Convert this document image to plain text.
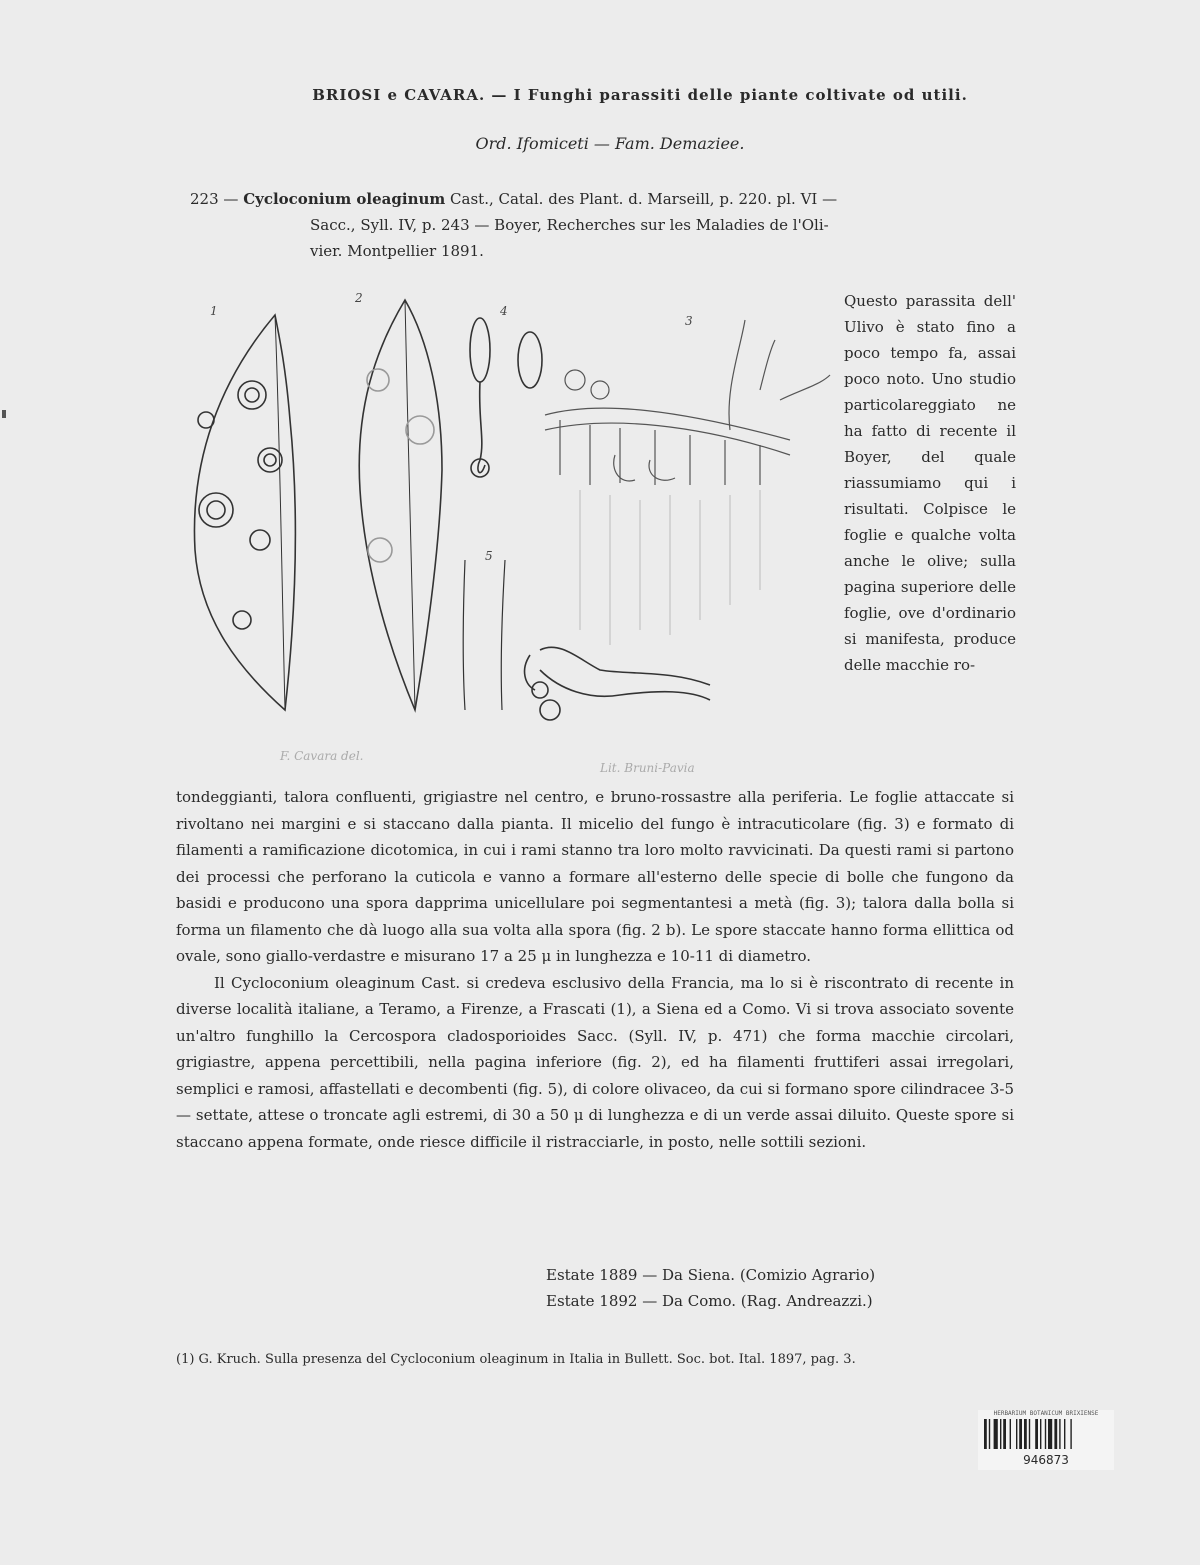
BRIOSI e CAVARA. — I Funghi parassiti delle piante coltivate od utili.
Ord. Ifomiceti — Fam. Demaziee.
223 — Cycloconium oleaginum Cast., Catal. des Plant. d. Marseill, p. 220. pl. VI —
Sacc., Syll. IV, p. 243 — Boyer, Recherches sur les Maladies de l'Oli-
vier. Montpellier 1891.
1
2
4
3
5
F. Cavara del.
Lit. Bruni-Pavia

Questo parassita dell' Ulivo è stato fino a poco tempo fa, assai poco noto. Uno studio particolareggiato ne ha fatto di recente il Boyer, del quale riassumiamo qui i risultati. Colpisce le foglie e qualche volta anche le olive; sulla pagina superiore delle foglie, ove d'ordinario si manifesta, produce delle macchie ro-

tondeggianti, talora confluenti, grigiastre nel centro, e bruno-rossastre alla periferia. Le foglie attaccate si rivoltano nei margini e si staccano dalla pianta. Il micelio del fungo è intracuticolare (fig. 3) e formato di filamenti a ramificazione dicotomica, in cui i rami stanno tra loro molto ravvicinati. Da questi rami si partono dei processi che perforano la cuticola e vanno a formare all'esterno delle specie di bolle che fungono da basidi e producono una spora dapprima unicellulare poi segmentantesi a metà (fig. 3); talora dalla bolla si forma un filamento che dà luogo alla sua volta alla spora (fig. 2 b). Le spore staccate hanno forma ellittica od ovale, sono giallo-verdastre e misurano 17 a 25 μ in lunghezza e 10-11 di diametro.

Il Cycloconium oleaginum Cast. si credeva esclusivo della Francia, ma lo si è riscontrato di recente in diverse località italiane, a Teramo, a Firenze, a Frascati (1), a Siena ed a Como. Vi si trova associato sovente un'altro funghillo la Cercospora cladosporioides Sacc. (Syll. IV, p. 471) che forma macchie circolari, grigiastre, appena percettibili, nella pagina inferiore (fig. 2), ed ha filamenti fruttiferi assai irregolari, semplici e ramosi, affastellati e decombenti (fig. 5), di colore olivaceo, da cui si formano spore cilindracee 3-5 — settate, attese o troncate agli estremi, di 30 a 50 μ di lunghezza e di un verde assai diluito. Queste spore si staccano appena formate, onde riesce difficile il ristracciarle, in posto, nelle sottili sezioni.

Estate 1889 — Da Siena. (Comizio Agrario)
Estate 1892 — Da Como. (Rag. Andreazzi.)
(1) G. Kruch. Sulla presenza del Cycloconium oleaginum in Italia in Bullett. Soc. bot. Ital. 1897, pag. 3.
HERBARIUM BOTANICUM BRIXIENSE
946873
